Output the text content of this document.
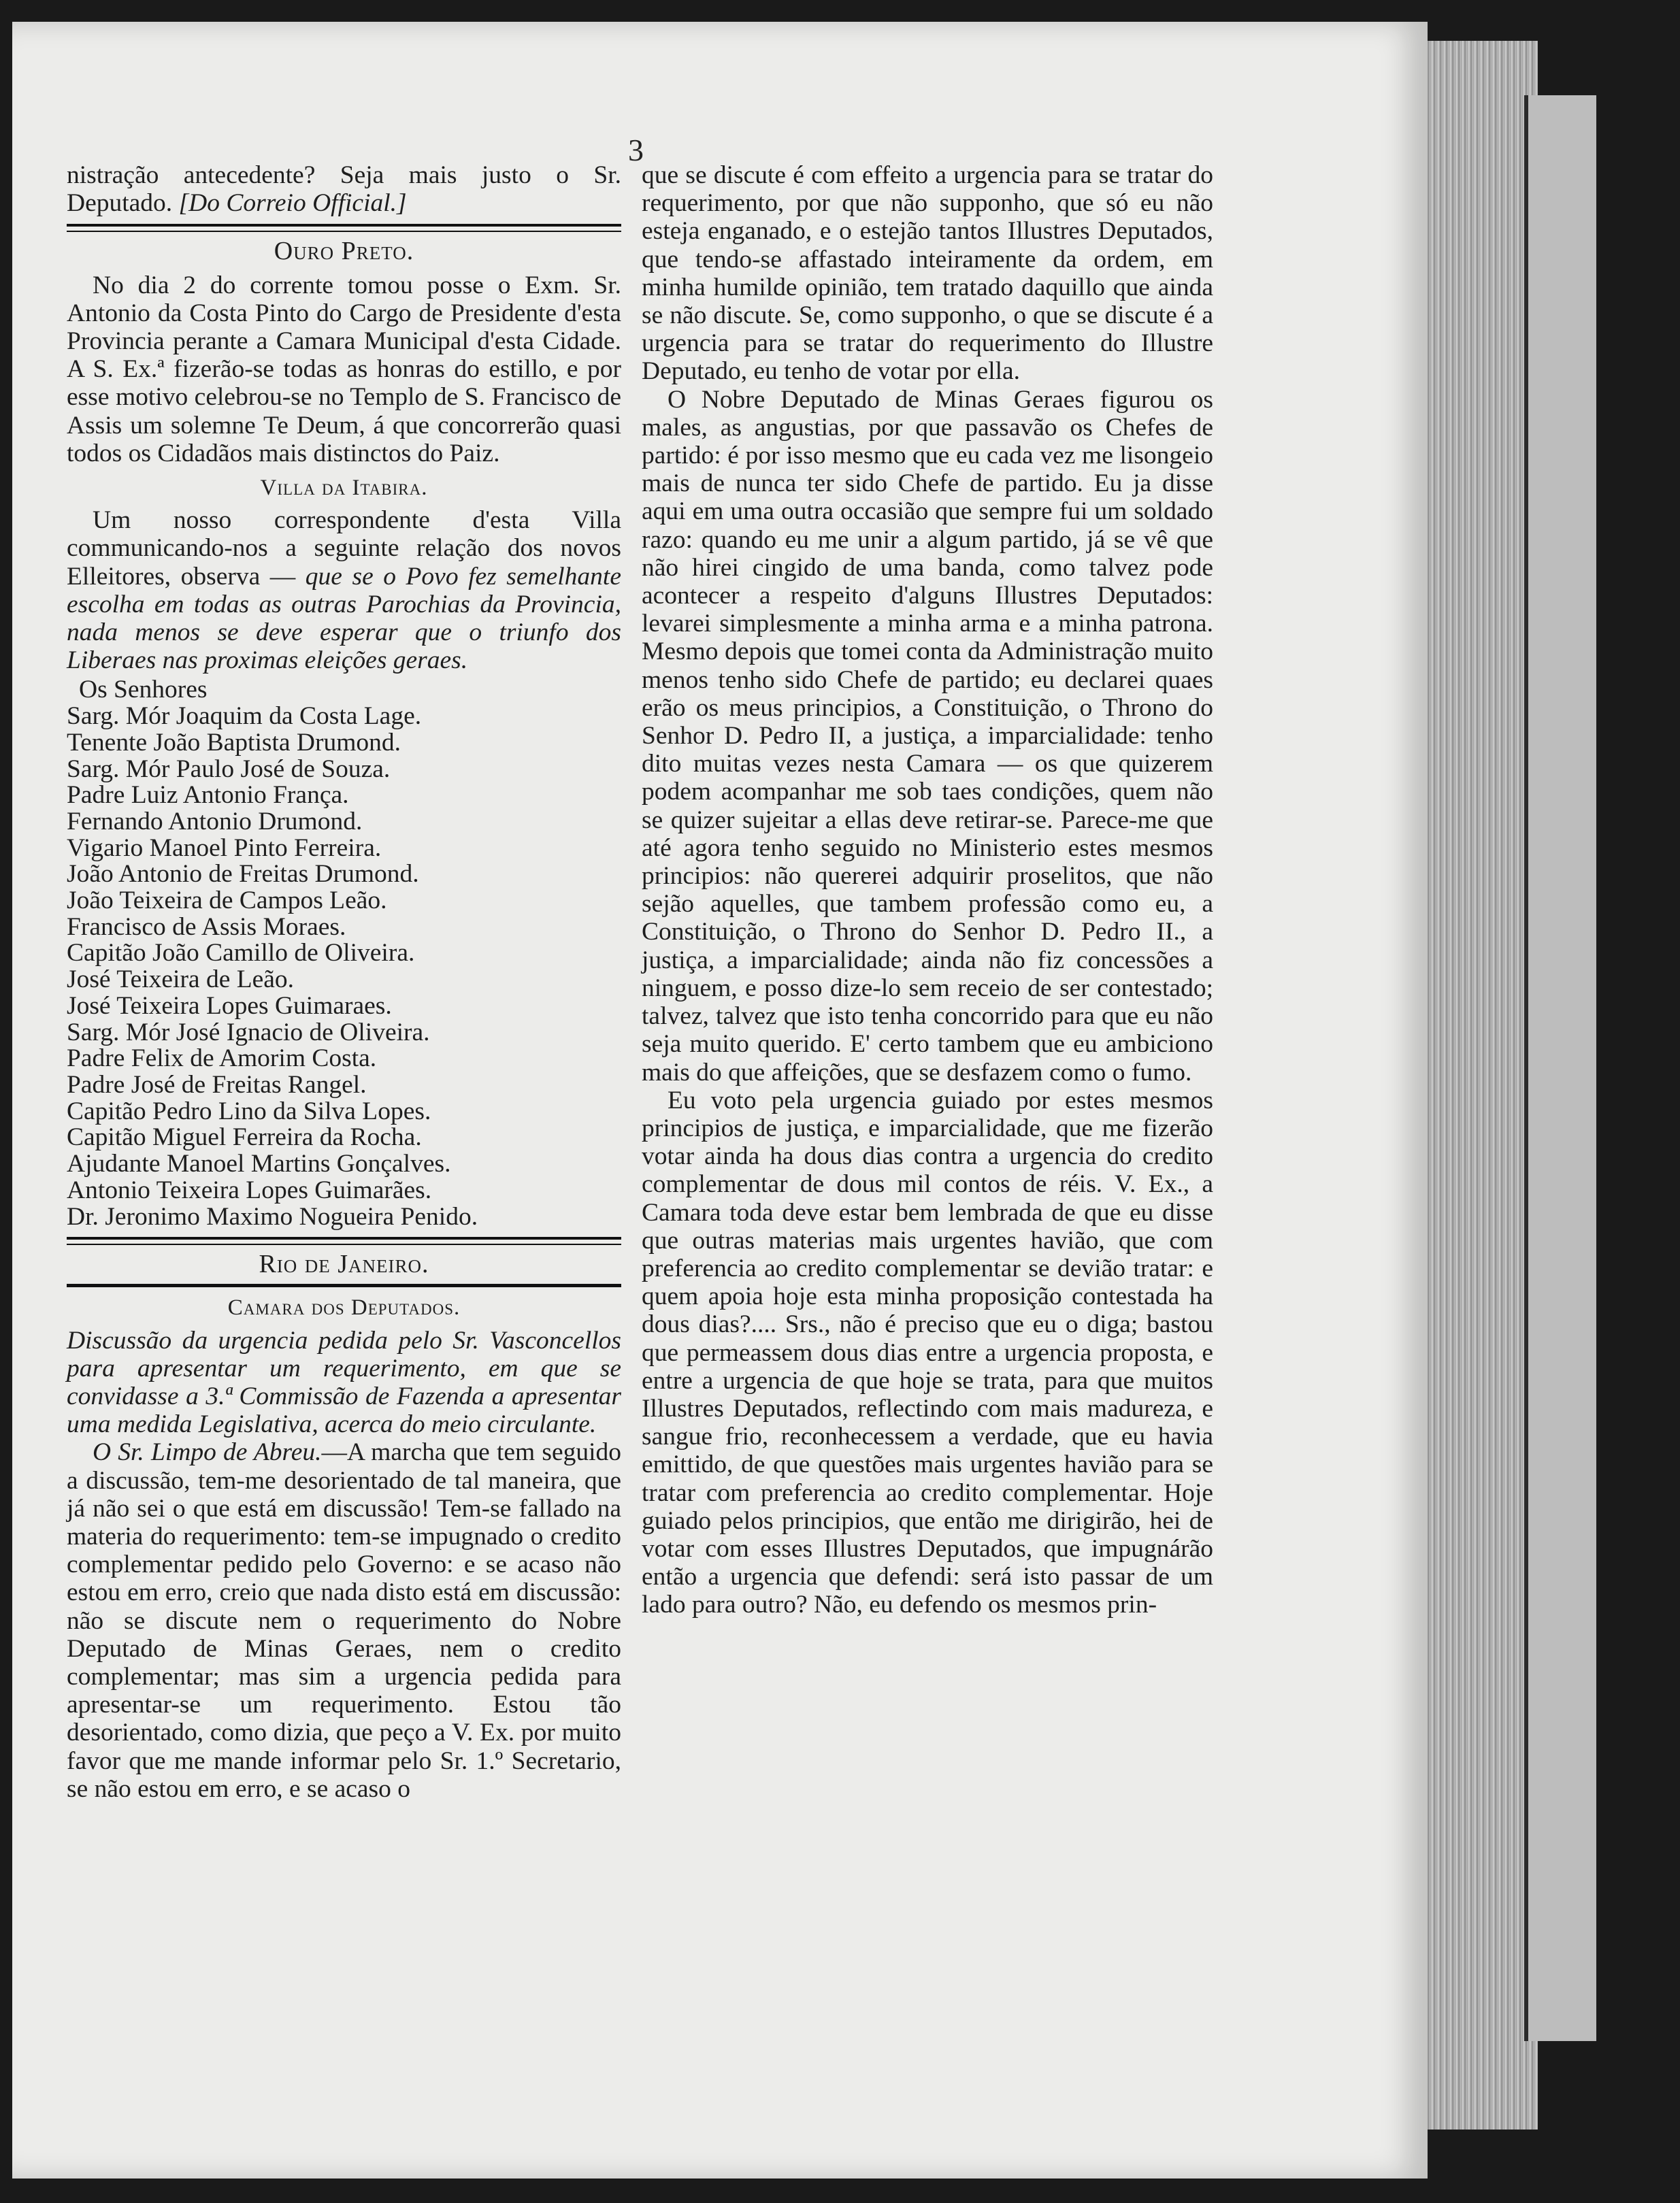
3

nistração antecedente? Seja mais justo o Sr. Deputado. [Do Correio Official.]

Ouro Preto.

No dia 2 do corrente tomou posse o Exm. Sr. Antonio da Costa Pinto do Cargo de Presidente d'esta Provincia perante a Camara Municipal d'esta Cidade. A S. Ex.ª fizerão-se todas as honras do estillo, e por esse motivo celebrou-se no Templo de S. Francisco de Assis um solemne Te Deum, á que concorrerão quasi todos os Cidadãos mais distinctos do Paiz.

Villa da Itabira.

Um nosso correspondente d'esta Villa communicando-nos a seguinte relação dos novos Elleitores, observa — que se o Povo fez semelhante escolha em todas as outras Parochias da Provincia, nada menos se deve esperar que o triunfo dos Liberaes nas proximas eleições geraes.

Os Senhores
Sarg. Mór Joaquim da Costa Lage.
Tenente João Baptista Drumond.
Sarg. Mór Paulo José de Souza.
Padre Luiz Antonio França.
Fernando Antonio Drumond.
Vigario Manoel Pinto Ferreira.
João Antonio de Freitas Drumond.
João Teixeira de Campos Leão.
Francisco de Assis Moraes.
Capitão João Camillo de Oliveira.
José Teixeira de Leão.
José Teixeira Lopes Guimaraes.
Sarg. Mór José Ignacio de Oliveira.
Padre Felix de Amorim Costa.
Padre José de Freitas Rangel.
Capitão Pedro Lino da Silva Lopes.
Capitão Miguel Ferreira da Rocha.
Ajudante Manoel Martins Gonçalves.
Antonio Teixeira Lopes Guimarães.
Dr. Jeronimo Maximo Nogueira Penido.
Rio de Janeiro.
Camara dos Deputados.

Discussão da urgencia pedida pelo Sr. Vasconcellos para apresentar um requerimento, em que se convidasse a 3.ª Commissão de Fazenda a apresentar uma medida Legislativa, acerca do meio circulante.

O Sr. Limpo de Abreu.—A marcha que tem seguido a discussão, tem-me desorientado de tal maneira, que já não sei o que está em discussão! Tem-se fallado na materia do requerimento: tem-se impugnado o credito complementar pedido pelo Governo: e se acaso não estou em erro, creio que nada disto está em discussão: não se discute nem o requerimento do Nobre Deputado de Minas Geraes, nem o credito complementar; mas sim a urgencia pedida para apresentar-se um requerimento. Estou tão desorientado, como dizia, que peço a V. Ex. por muito favor que me mande informar pelo Sr. 1.º Secretario, se não estou em erro, e se acaso o

que se discute é com effeito a urgencia para se tratar do requerimento, por que não supponho, que só eu não esteja enganado, e o estejão tantos Illustres Deputados, que tendo-se affastado inteiramente da ordem, em minha humilde opinião, tem tratado daquillo que ainda se não discute. Se, como supponho, o que se discute é a urgencia para se tratar do requerimento do Illustre Deputado, eu tenho de votar por ella.

O Nobre Deputado de Minas Geraes figurou os males, as angustias, por que passavão os Chefes de partido: é por isso mesmo que eu cada vez me lisongeio mais de nunca ter sido Chefe de partido. Eu ja disse aqui em uma outra occasião que sempre fui um soldado razo: quando eu me unir a algum partido, já se vê que não hirei cingido de uma banda, como talvez pode acontecer a respeito d'alguns Illustres Deputados: levarei simplesmente a minha arma e a minha patrona. Mesmo depois que tomei conta da Administração muito menos tenho sido Chefe de partido; eu declarei quaes erão os meus principios, a Constituição, o Throno do Senhor D. Pedro II, a justiça, a imparcialidade: tenho dito muitas vezes nesta Camara — os que quizerem podem acompanhar me sob taes condições, quem não se quizer sujeitar a ellas deve retirar-se. Parece-me que até agora tenho seguido no Ministerio estes mesmos principios: não quererei adquirir proselitos, que não sejão aquelles, que tambem professão como eu, a Constituição, o Throno do Senhor D. Pedro II., a justiça, a imparcialidade; ainda não fiz concessões a ninguem, e posso dize-lo sem receio de ser contestado; talvez, talvez que isto tenha concorrido para que eu não seja muito querido. E' certo tambem que eu ambiciono mais do que affeições, que se desfazem como o fumo.

Eu voto pela urgencia guiado por estes mesmos principios de justiça, e imparcialidade, que me fizerão votar ainda ha dous dias contra a urgencia do credito complementar de dous mil contos de réis. V. Ex., a Camara toda deve estar bem lembrada de que eu disse que outras materias mais urgentes havião, que com preferencia ao credito complementar se devião tratar: e quem apoia hoje esta minha proposição contestada ha dous dias?.... Srs., não é preciso que eu o diga; bastou que permeassem dous dias entre a urgencia proposta, e entre a urgencia de que hoje se trata, para que muitos Illustres Deputados, reflectindo com mais madureza, e sangue frio, reconhecessem a verdade, que eu havia emittido, de que questões mais urgentes havião para se tratar com preferencia ao credito complementar. Hoje guiado pelos principios, que então me dirigirão, hei de votar com esses Illustres Deputados, que impugnárão então a urgencia que defendi: será isto passar de um lado para outro? Não, eu defendo os mesmos prin-
